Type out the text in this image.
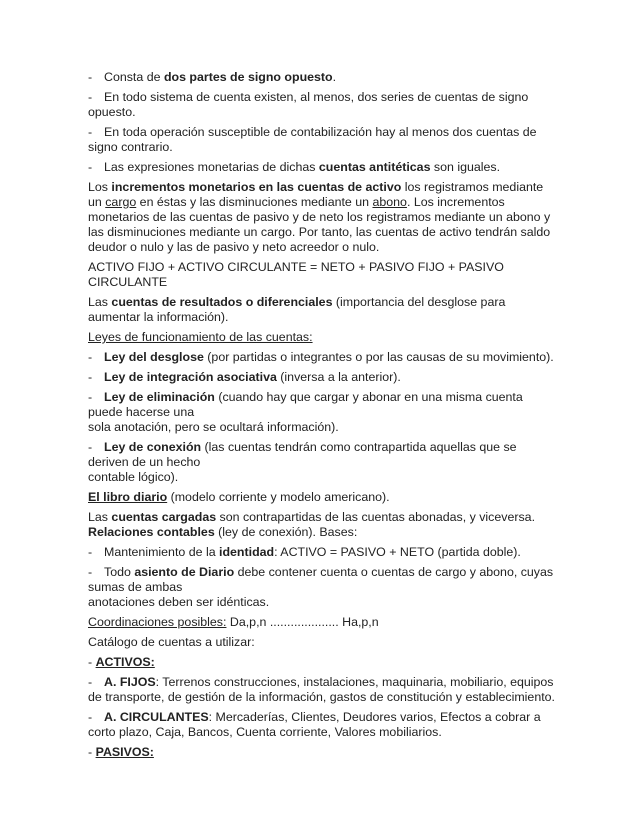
- Consta de dos partes de signo opuesto.

- En todo sistema de cuenta existen, al menos, dos series de cuentas de signo opuesto.

- En toda operación susceptible de contabilización hay al menos dos cuentas de signo contrario.

- Las expresiones monetarias de dichas cuentas antitéticas son iguales.

Los incrementos monetarios en las cuentas de activo los registramos mediante un cargo en éstas y las disminuciones mediante un abono. Los incrementos monetarios de las cuentas de pasivo y de neto los registramos mediante un abono y las disminuciones mediante un cargo. Por tanto, las cuentas de activo tendrán saldo deudor o nulo y las de pasivo y neto acreedor o nulo.

ACTIVO FIJO + ACTIVO CIRCULANTE = NETO + PASIVO FIJO + PASIVO CIRCULANTE

Las cuentas de resultados o diferenciales (importancia del desglose para aumentar la información).

Leyes de funcionamiento de las cuentas:

- Ley del desglose (por partidas o integrantes o por las causas de su movimiento).

- Ley de integración asociativa (inversa a la anterior).

- Ley de eliminación (cuando hay que cargar y abonar en una misma cuenta puede hacerse una
sola anotación, pero se ocultará información).

- Ley de conexión (las cuentas tendrán como contrapartida aquellas que se deriven de un hecho
contable lógico).

El libro diario (modelo corriente y modelo americano).

Las cuentas cargadas son contrapartidas de las cuentas abonadas, y viceversa.

Relaciones contables (ley de conexión). Bases:

- Mantenimiento de la identidad: ACTIVO = PASIVO + NETO (partida doble).

- Todo asiento de Diario debe contener cuenta o cuentas de cargo y abono, cuyas sumas de ambas
anotaciones deben ser idénticas.

Coordinaciones posibles: Da,p,n .................... Ha,p,n

Catálogo de cuentas a utilizar:

- ACTIVOS:

- A. FIJOS: Terrenos construcciones, instalaciones, maquinaria, mobiliario, equipos de transporte, de gestión de la información, gastos de constitución y establecimiento.

- A. CIRCULANTES: Mercaderías, Clientes, Deudores varios, Efectos a cobrar a corto plazo, Caja, Bancos, Cuenta corriente, Valores mobiliarios.

- PASIVOS:
